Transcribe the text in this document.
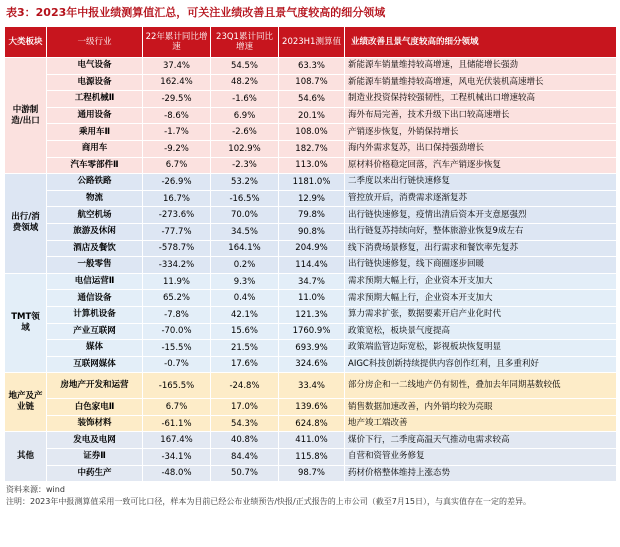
表3：2023年中报业绩测算值汇总，可关注业绩改善且景气度较高的细分领域
大类板块	一级行业	22年累计同比增速	23Q1累计同比增速	2023H1测算值	业绩改善且景气度较高的细分领域
中游制造/出口	电气设备	37.4%	54.5%	63.3%	新能源车销量维持较高增速，且储能增长强劲
	电源设备	162.4%	48.2%	108.7%	新能源车销量维持较高增速，风电光伏装机高速增长
	工程机械Ⅱ	-29.5%	-1.6%	54.6%	制造业投资保持较强韧性，工程机械出口增速较高
	通用设备	-8.6%	6.9%	20.1%	海外布局完善，技术升级下出口较高速增长
	乘用车Ⅱ	-1.7%	-2.6%	108.0%	产销逐步恢复，外销保持增长
	商用车	-9.2%	102.9%	182.7%	海内外需求复苏，出口保持强劲增长
	汽车零部件Ⅱ	6.7%	-2.3%	113.0%	原材料价格稳定回落，汽车产销逐步恢复
出行/消费领域	公路铁路	-26.9%	53.2%	1181.0%	二季度以来出行链快速修复
	物流	16.7%	-16.5%	12.9%	管控放开后，消费需求逐渐复苏
	航空机场	-273.6%	70.0%	79.8%	出行链快速修复，疫情出清后资本开支意愿强烈
	旅游及休闲	-77.7%	34.5%	90.8%	出行链复苏持续向好，整体旅游业恢复9成左右
	酒店及餐饮	-578.7%	164.1%	204.9%	线下消费场景修复，出行需求和餐饮率先复苏
	一般零售	-334.2%	0.2%	114.4%	出行链快速修复，线下商圈逐步回暖
TMT领域	电信运营Ⅱ	11.9%	9.3%	34.7%	需求预期大幅上行，企业资本开支加大
	通信设备	65.2%	0.4%	11.0%	需求预期大幅上行，企业资本开支加大
	计算机设备	-7.8%	42.1%	121.3%	算力需求扩张，数据要素开启产业化时代
	产业互联网	-70.0%	15.6%	1760.9%	政策宽松，板块景气度提高
	媒体	-15.5%	21.5%	693.9%	政策端监管边际宽松，影视板块恢复明显
	互联网媒体	-0.7%	17.6%	324.6%	AIGC科技创新持续提供内容创作红利，且多重利好
地产及产业链	房地产开发和运营	-165.5%	-24.8%	33.4%	部分房企和一二线地产仍有韧性，叠加去年同期基数较低
	白色家电Ⅱ	6.7%	17.0%	139.6%	销售数据加速改善，内外销均较为亮眼
	装饰材料	-61.1%	54.3%	624.8%	地产竣工端改善
其他	发电及电网	167.4%	40.8%	411.0%	煤价下行，二季度高温天气推动电需求较高
	证券Ⅱ	-34.1%	84.4%	115.8%	自营和资管业务修复
	中药生产	-48.0%	50.7%	98.7%	药材价格整体维持上涨态势
资料来源：wind
注明：2023年中报测算值采用一致可比口径，样本为目前已经公布业绩预告/快报/正式报告的上市公司（截至7月15日），与真实值存在一定的差异。
